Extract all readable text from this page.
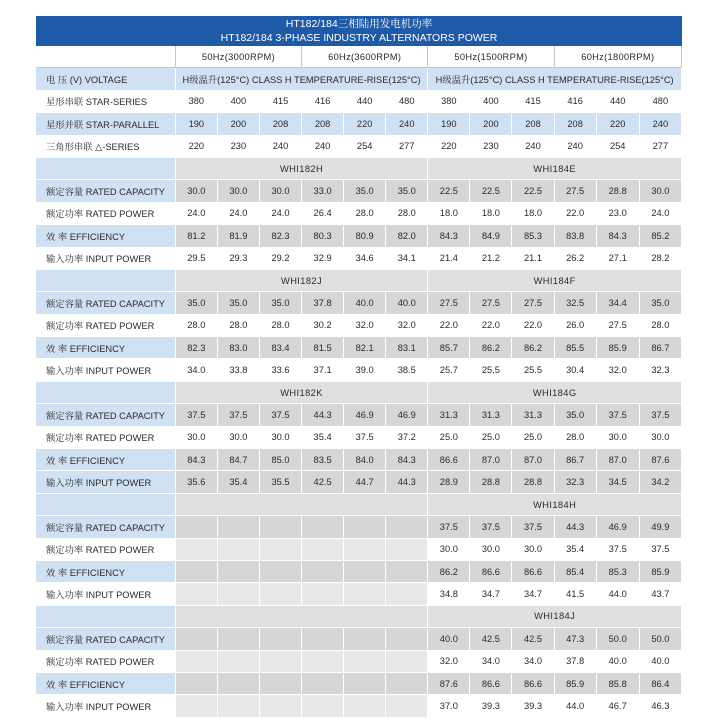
HT182/184三相陆用发电机功率
HT182/184 3-PHASE INDUSTRY ALTERNATORS POWER
	50Hz(3000RPM)			60Hz(3600RPM)			50Hz(1500RPM)			60Hz(1800RPM)		
电 压 (V) VOLTAGE	H级温升(125°C) CLASS H TEMPERATURE-RISE(125°C)						H级温升(125°C) CLASS H TEMPERATURE-RISE(125°C)					
星形串联 STAR-SERIES	380	400	415	416	440	480	380	400	415	416	440	480
星形并联 STAR-PARALLEL	190	200	208	208	220	240	190	200	208	208	220	240
三角形串联 △-SERIES	220	230	240	240	254	277	220	230	240	240	254	277
	WHI182H						WHI184E					
额定容量 RATED CAPACITY	30.0	30.0	30.0	33.0	35.0	35.0	22.5	22.5	22.5	27.5	28.8	30.0
额定功率 RATED POWER	24.0	24.0	24.0	26.4	28.0	28.0	18.0	18.0	18.0	22.0	23.0	24.0
效 率 EFFICIENCY	81.2	81.9	82.3	80.3	80.9	82.0	84.3	84.9	85.3	83.8	84.3	85.2
输入功率 INPUT POWER	29.5	29.3	29.2	32.9	34.6	34.1	21.4	21.2	21.1	26.2	27.1	28.2
	WHI182J						WHI184F					
额定容量 RATED CAPACITY	35.0	35.0	35.0	37.8	40.0	40.0	27.5	27.5	27.5	32.5	34.4	35.0
额定功率 RATED POWER	28.0	28.0	28.0	30.2	32.0	32.0	22.0	22.0	22.0	26.0	27.5	28.0
效 率 EFFICIENCY	82.3	83.0	83.4	81.5	82.1	83.1	85.7	86.2	86.2	85.5	85.9	86.7
输入功率 INPUT POWER	34.0	33.8	33.6	37.1	39.0	38.5	25.7	25.5	25.5	30.4	32.0	32.3
	WHI182K						WHI184G					
额定容量 RATED CAPACITY	37.5	37.5	37.5	44.3	46.9	46.9	31.3	31.3	31.3	35.0	37.5	37.5
额定功率 RATED POWER	30.0	30.0	30.0	35.4	37.5	37.2	25.0	25.0	25.0	28.0	30.0	30.0
效 率 EFFICIENCY	84.3	84.7	85.0	83.5	84.0	84.3	86.6	87.0	87.0	86.7	87.0	87.6
输入功率 INPUT POWER	35.6	35.4	35.5	42.5	44.7	44.3	28.9	28.8	28.8	32.3	34.5	34.2
							WHI184H					
额定容量 RATED CAPACITY							37.5	37.5	37.5	44.3	46.9	49.9
额定功率 RATED POWER							30.0	30.0	30.0	35.4	37.5	37.5
效 率 EFFICIENCY							86.2	86.6	86.6	85.4	85.3	85.9
输入功率 INPUT POWER							34.8	34.7	34.7	41.5	44.0	43.7
							WHI184J					
额定容量 RATED CAPACITY							40.0	42.5	42.5	47.3	50.0	50.0
额定功率 RATED POWER							32.0	34.0	34.0	37.8	40.0	40.0
效 率 EFFICIENCY							87.6	86.6	86.6	85.9	85.8	86.4
输入功率 INPUT POWER							37.0	39.3	39.3	44.0	46.7	46.3
